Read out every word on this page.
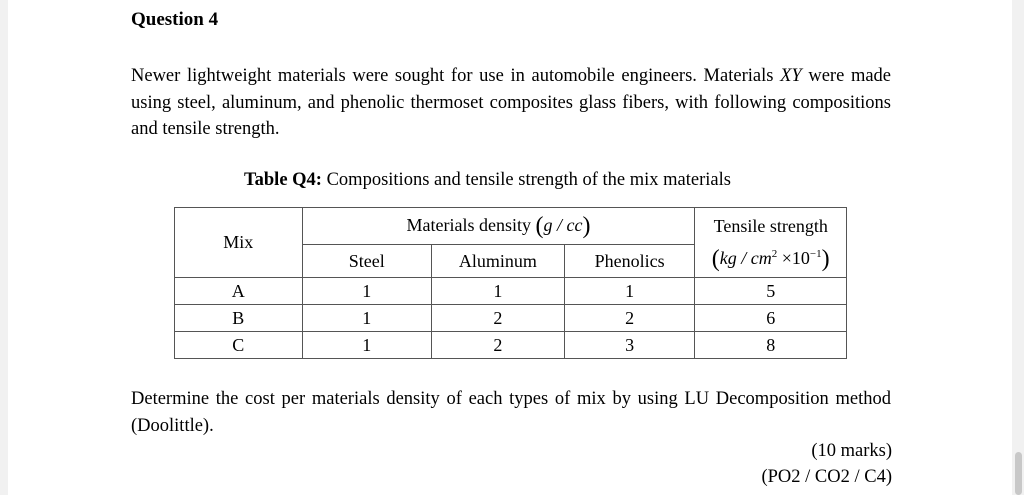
Question 4
Newer lightweight materials were sought for use in automobile engineers. Materials XY were made using steel, aluminum, and phenolic thermoset composites glass fibers, with following compositions and tensile strength.
Table Q4: Compositions and tensile strength of the mix materials
Mix	Materials density (g / cc)			Tensile strength
$(kg / cm^2 \times 10^{-1})$

	Steel	Aluminum	Phenolics	
A	1	1	1	5
B	1	2	2	6
C	1	2	3	8
Determine the cost per materials density of each types of mix by using LU Decomposition method (Doolittle).
(10 marks)
(PO2 / CO2 / C4)
